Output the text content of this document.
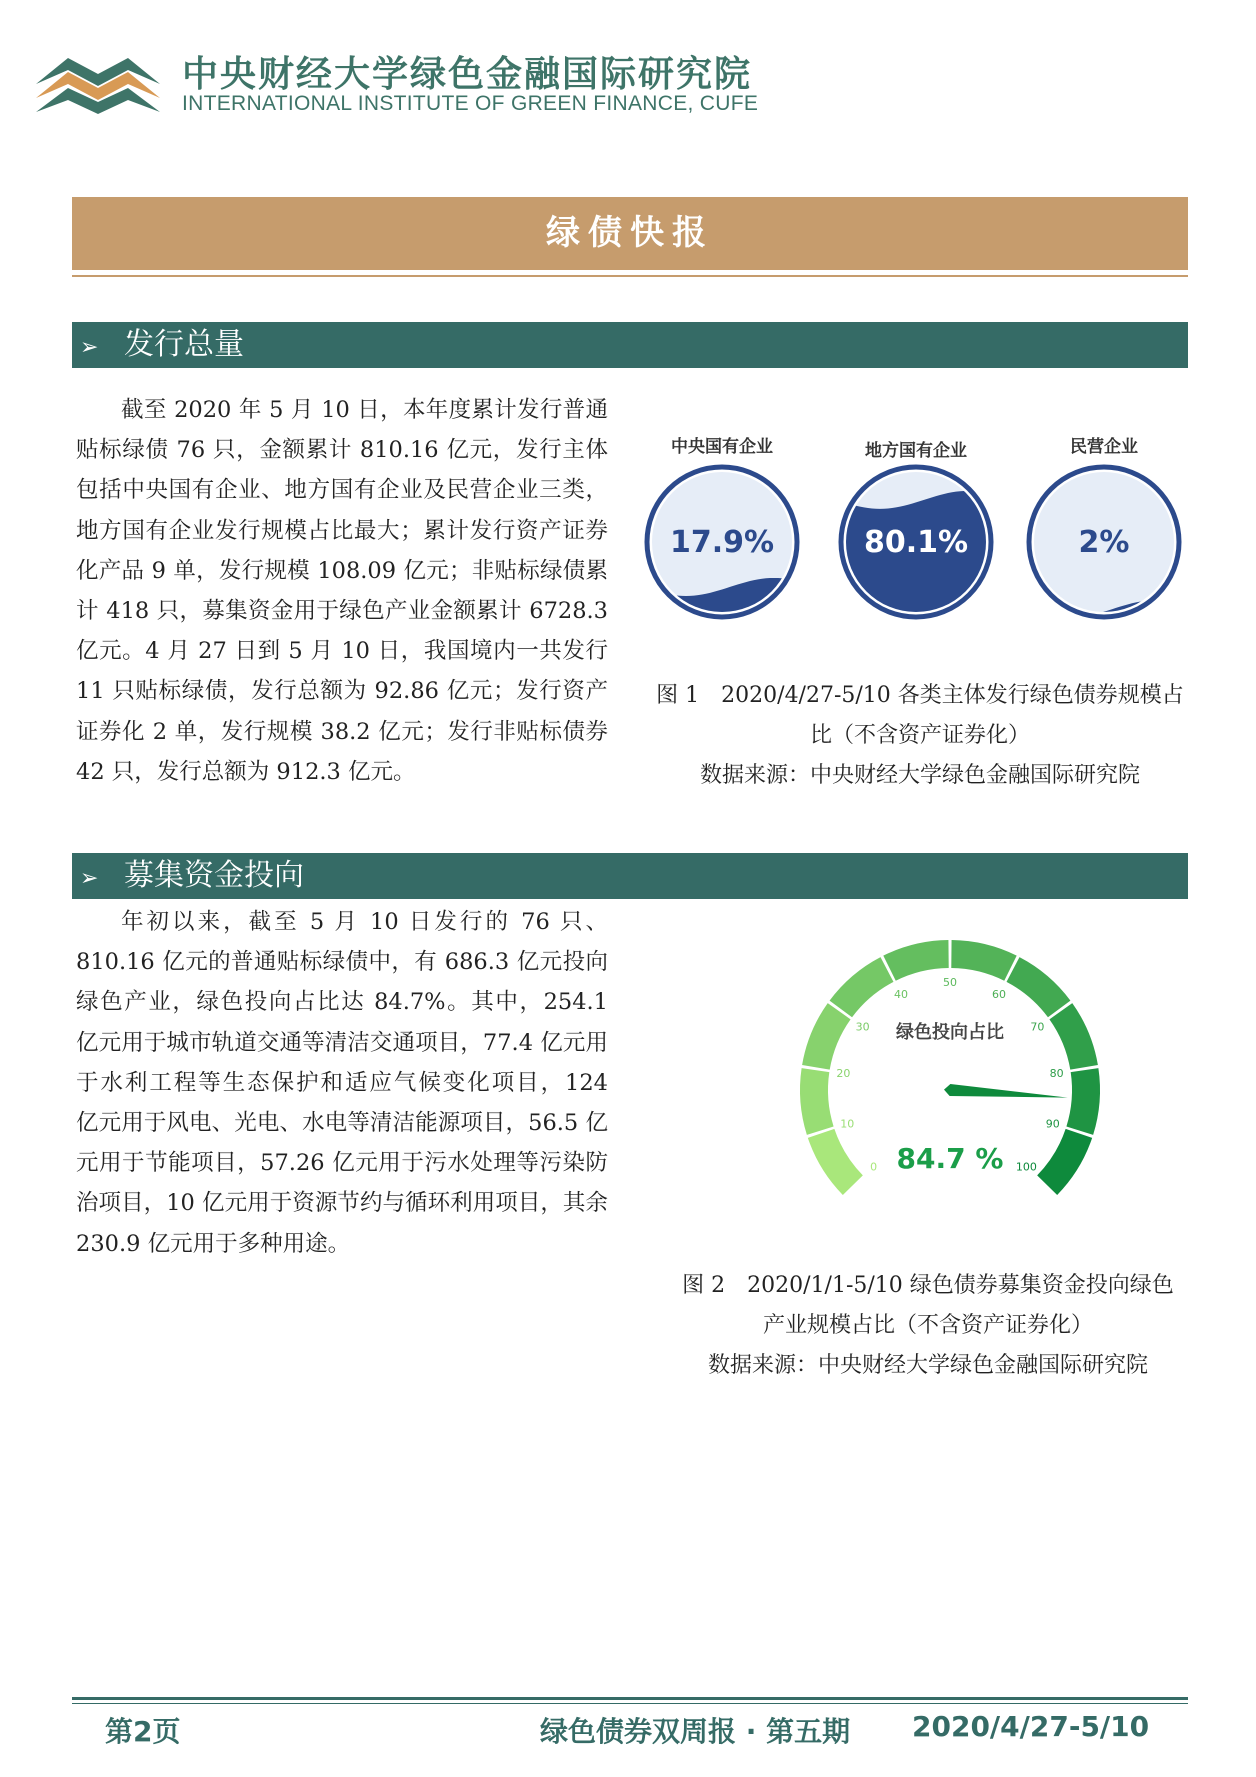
中央财经大学绿色金融国际研究院
INTERNATIONAL INSTITUTE OF GREEN FINANCE, CUFE
绿债快报
➢ 发行总量
截至 2020 年 5 月 10 日，本年度累计发行普通贴标绿债 76 只，金额累计 810.16 亿元，发行主体包括中央国有企业、地方国有企业及民营企业三类，地方国有企业发行规模占比最大；累计发行资产证券化产品 9 单，发行规模 108.09 亿元；非贴标绿债累计 418 只，募集资金用于绿色产业金额累计 6728.3 亿元。4 月 27 日到 5 月 10 日，我国境内一共发行 11 只贴标绿债，发行总额为 92.86 亿元；发行资产证券化 2 单，发行规模 38.2 亿元；发行非贴标债券 42 只，发行总额为 912.3 亿元。
中央国有企业
17.9%
地方国有企业
80.1%
民营企业
2%
图 1　2020/4/27-5/10 各类主体发行绿色债券规模占
比（不含资产证券化）
数据来源：中央财经大学绿色金融国际研究院
➢ 募集资金投向
年初以来，截至 5 月 10 日发行的 76 只、810.16 亿元的普通贴标绿债中，有 686.3 亿元投向绿色产业，绿色投向占比达 84.7%。其中，254.1 亿元用于城市轨道交通等清洁交通项目，77.4 亿元用于水利工程等生态保护和适应气候变化项目，124　 亿元用于风电、光电、水电等清洁能源项目，56.5 亿元用于节能项目，57.26 亿元用于污水处理等污染防治项目，10 亿元用于资源节约与循环利用项目，其余 230.9 亿元用于多种用途。
0
10
20
30
40
50
60
70
80
90
100
绿色投向占比
84.7 %
图 2　2020/1/1-5/10 绿色债券募集资金投向绿色
产业规模占比（不含资产证券化）
数据来源：中央财经大学绿色金融国际研究院
第2页	绿色债券双周报 · 第五期 2020/4/27-5/10
